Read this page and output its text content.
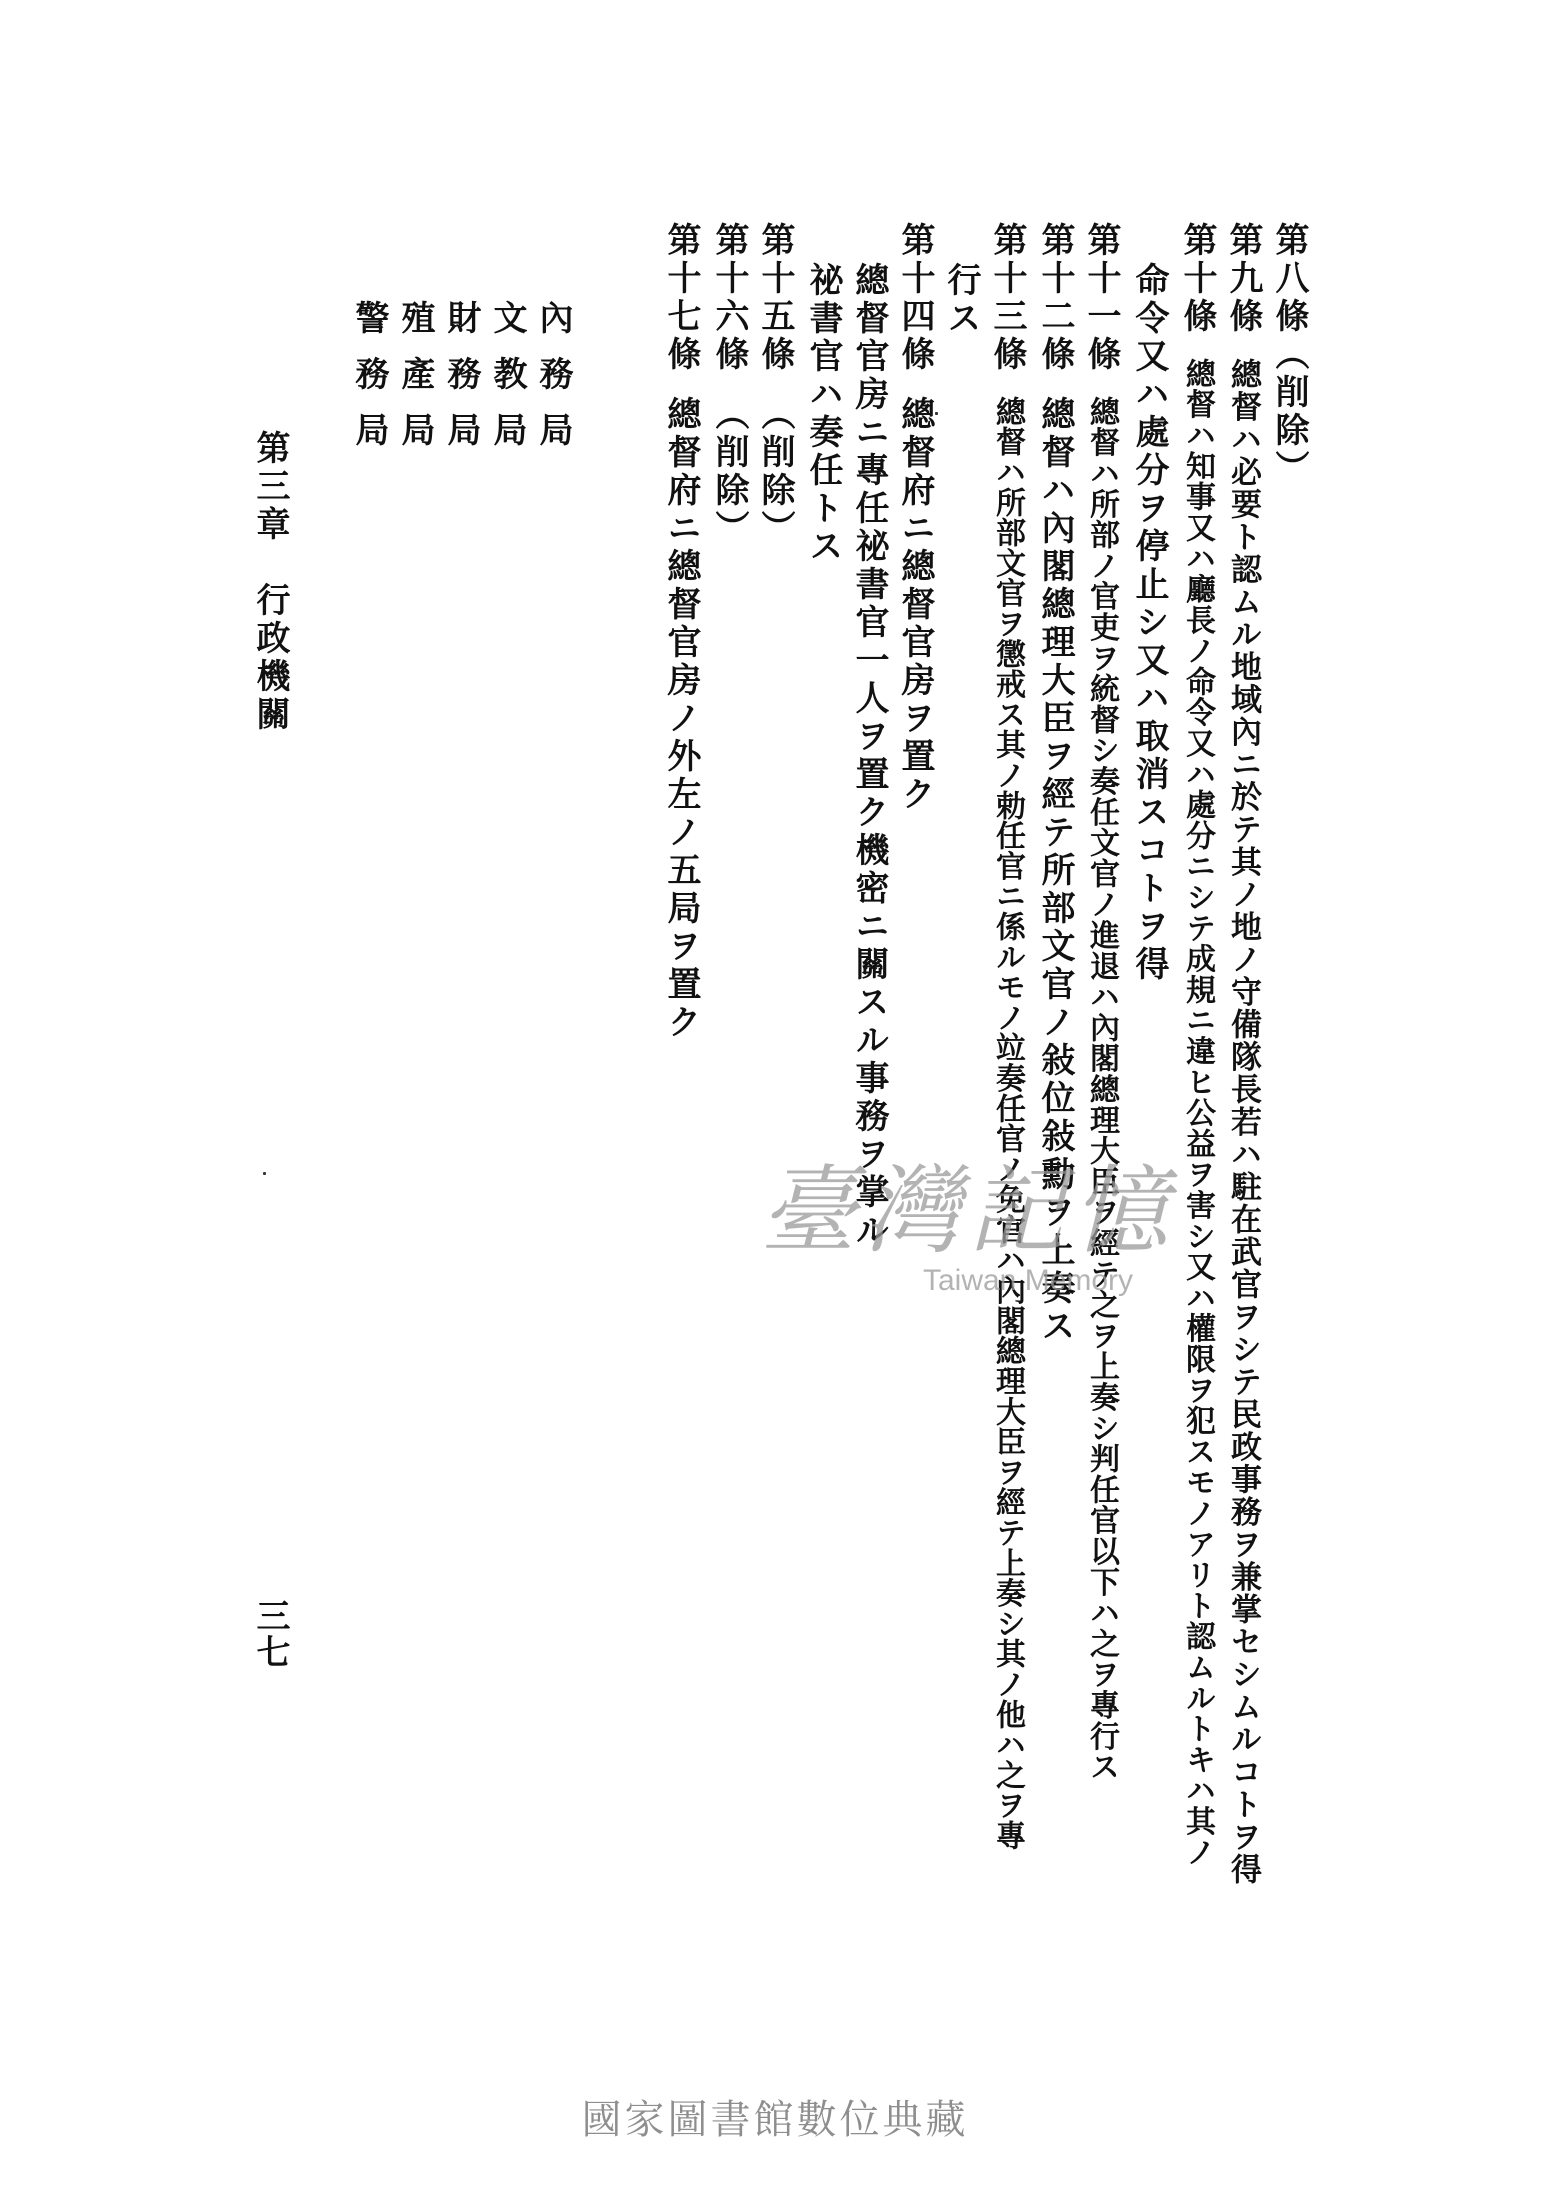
第八條（削除）
第九條總督ハ必要ト認ムル地域內ニ於テ其ノ地ノ守備隊長若ハ駐在武官ヲシテ民政事務ヲ兼掌セシムルコトヲ得
第十條總督ハ知事又ハ廳長ノ命令又ハ處分ニシテ成規ニ違ヒ公益ヲ害シ又ハ權限ヲ犯スモノアリト認ムルトキハ其ノ
命令又ハ處分ヲ停止シ又ハ取消スコトヲ得
第十一條總督ハ所部ノ官吏ヲ統督シ奏任文官ノ進退ハ內閣總理大臣ヲ經テ之ヲ上奏シ判任官以下ハ之ヲ專行ス
第十二條總督ハ內閣總理大臣ヲ經テ所部文官ノ敍位敍勳ヲ上奏ス
第十三條總督ハ所部文官ヲ懲戒ス其ノ勅任官ニ係ルモノ竝奏任官ノ免官ハ內閣總理大臣ヲ經テ上奏シ其ノ他ハ之ヲ專
行ス
第十四條總督府ニ總督官房ヲ置ク
總督官房ニ專任祕書官一人ヲ置ク機密ニ關スル事務ヲ掌ル
祕書官ハ奏任トス
第十五條（削除）
第十六條（削除）
第十七條總督府ニ總督官房ノ外左ノ五局ヲ置ク
內務局
文教局
財務局
殖產局
警務局
第三章　行政機關
三七
臺灣記憶
Taiwan Memory
國家圖書館數位典藏
